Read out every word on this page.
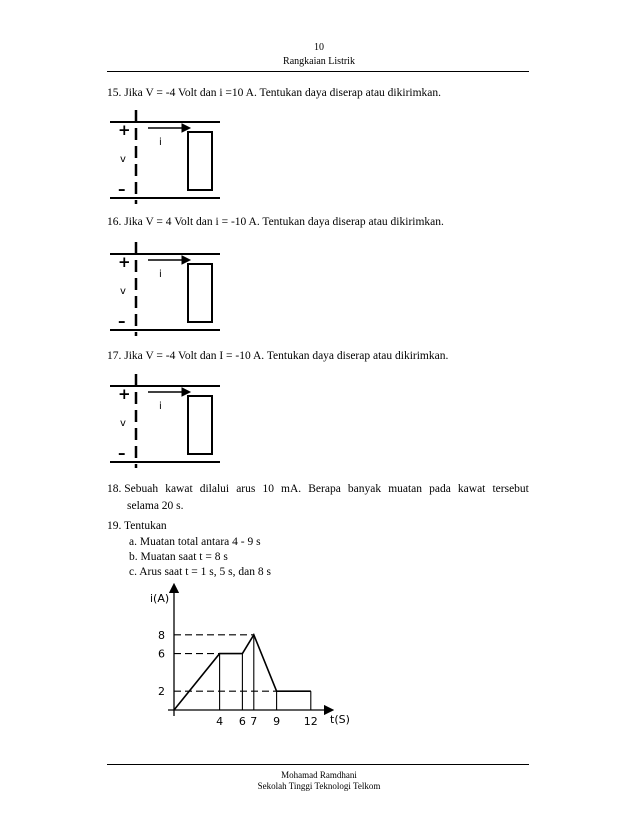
10
Rangkaian Listrik
15. Jika V = -4 Volt dan i =10 A. Tentukan daya diserap atau dikirimkan.
+
v
–
i
16. Jika V = 4 Volt dan i = -10 A. Tentukan daya diserap atau dikirimkan.
+
v
–
i
17. Jika V = -4 Volt dan I = -10 A. Tentukan daya diserap atau dikirimkan.
+
v
–
i
18. Sebuah kawat dilalui arus 10 mA. Berapa banyak muatan pada kawat tersebut
selama 20 s.
19. Tentukan
a. Muatan total antara 4 - 9 s
b. Muatan saat t = 8 s
c. Arus saat t = 1 s, 5 s, dan 8 s
4 6 7 9 12
8
6
2
i(A)
t(S)
Mohamad Ramdhani
Sekolah Tinggi Teknologi Telkom
